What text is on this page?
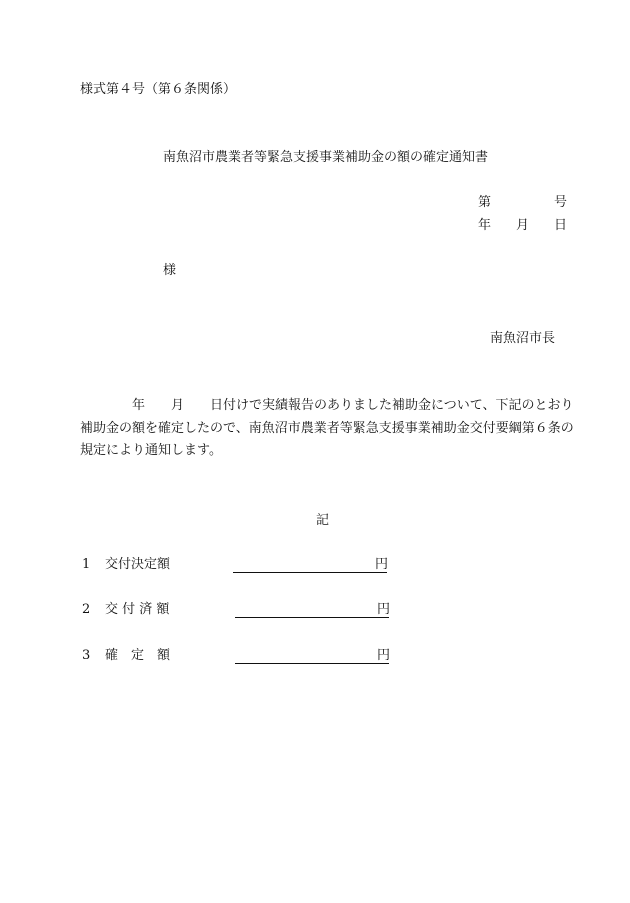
様式第４号（第６条関係）
南魚沼市農業者等緊急支援事業補助金の額の確定通知書
第	号
年 月 日
様
南魚沼市長
年 月 日付けで実績報告のありました補助金について、下記のとおり補助金の額を確定したので、南魚沼市農業者等緊急支援事業補助金交付要綱第６条の規定により通知します。
記
1 交付決定額	円
2 交 付 済 額	円
3 確　定　額	円
